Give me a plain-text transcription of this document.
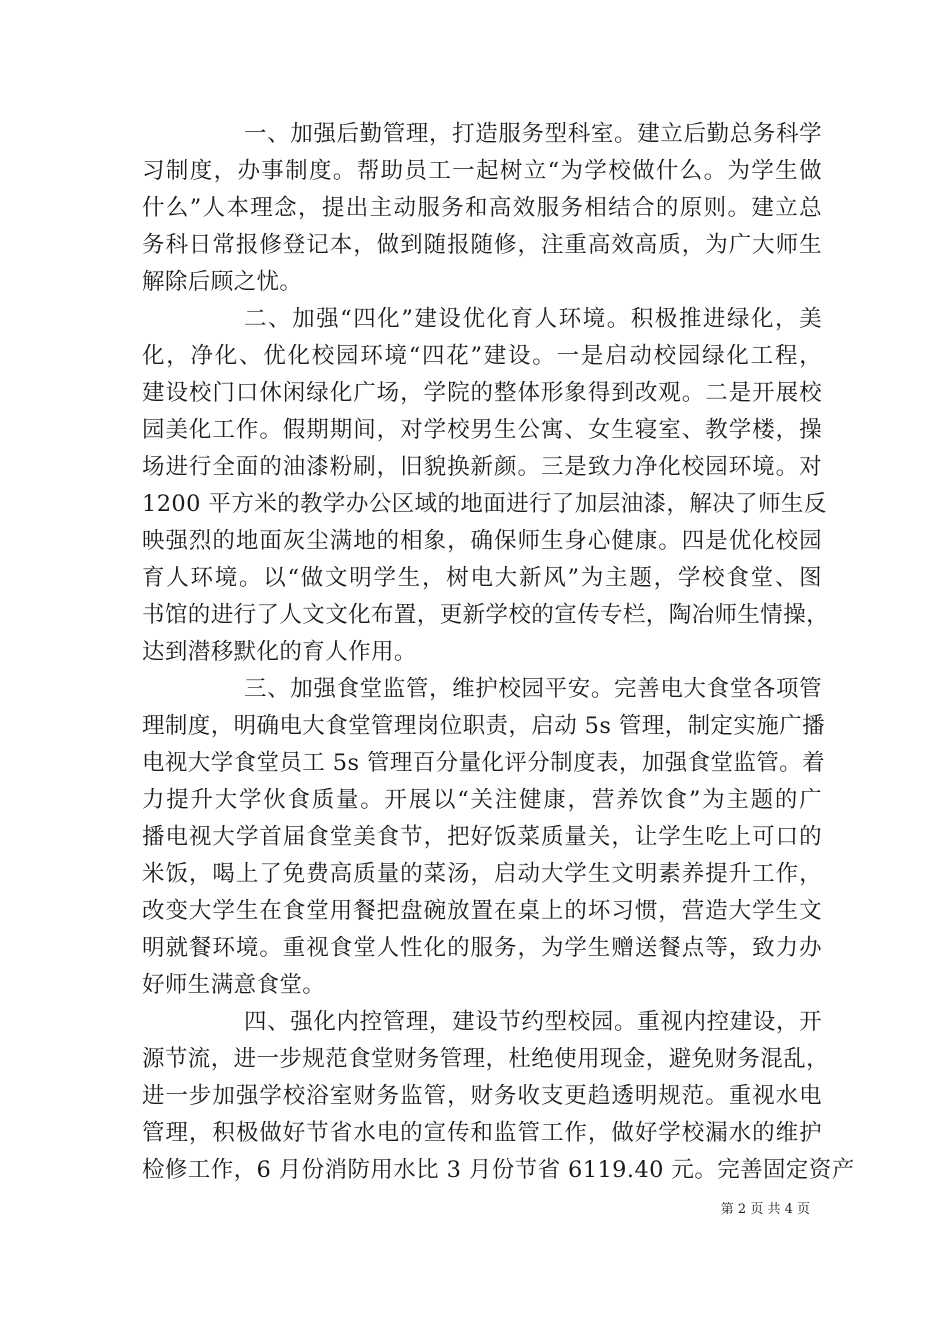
一、加强后勤管理，打造服务型科室。建立后勤总务科学
习制度，办事制度。帮助员工一起树立“为学校做什么。为学生做
什么”人本理念，提出主动服务和高效服务相结合的原则。建立总
务科日常报修登记本，做到随报随修，注重高效高质，为广大师生
解除后顾之忧。
二、加强“四化”建设优化育人环境。积极推进绿化，美
化，净化、优化校园环境“四花”建设。一是启动校园绿化工程，
建设校门口休闲绿化广场，学院的整体形象得到改观。二是开展校
园美化工作。假期期间，对学校男生公寓、女生寝室、教学楼，操
场进行全面的油漆粉刷，旧貌换新颜。三是致力净化校园环境。对
1200 平方米的教学办公区域的地面进行了加层油漆，解决了师生反
映强烈的地面灰尘满地的相象，确保师生身心健康。四是优化校园
育人环境。以“做文明学生，树电大新风”为主题，学校食堂、图
书馆的进行了人文文化布置，更新学校的宣传专栏，陶冶师生情操，
达到潜移默化的育人作用。
三、加强食堂监管，维护校园平安。完善电大食堂各项管
理制度，明确电大食堂管理岗位职责，启动 5s 管理，制定实施广播
电视大学食堂员工 5s 管理百分量化评分制度表，加强食堂监管。着
力提升大学伙食质量。开展以“关注健康，营养饮食”为主题的广
播电视大学首届食堂美食节，把好饭菜质量关，让学生吃上可口的
米饭，喝上了免费高质量的菜汤，启动大学生文明素养提升工作，
改变大学生在食堂用餐把盘碗放置在桌上的坏习惯，营造大学生文
明就餐环境。重视食堂人性化的服务，为学生赠送餐点等，致力办
好师生满意食堂。
四、强化内控管理，建设节约型校园。重视内控建设，开
源节流，进一步规范食堂财务管理，杜绝使用现金，避免财务混乱，
进一步加强学校浴室财务监管，财务收支更趋透明规范。重视水电
管理，积极做好节省水电的宣传和监管工作，做好学校漏水的维护
检修工作，6 月份消防用水比 3 月份节省 6119.40 元。完善固定资产
第 2 页 共 4 页
